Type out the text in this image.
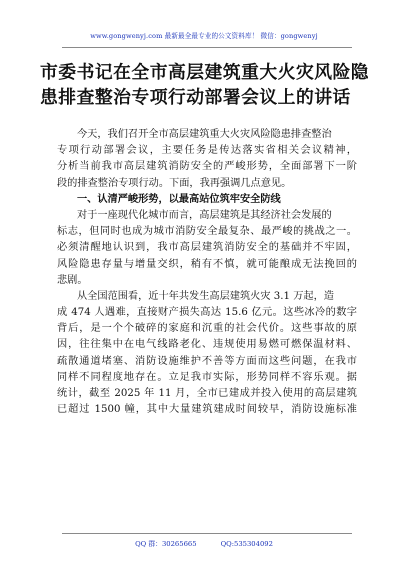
www.gongwenyj.com 最新最全最专业的公文资料库！ 微信：gongwenyj
市委书记在全市高层建筑重大火灾风险隐
患排查整治专项行动部署会议上的讲话
今天，我们召开全市高层建筑重大火灾风险隐患排查整治
专项行动部署会议，主要任务是传达落实省相关会议精神，
分析当前我市高层建筑消防安全的严峻形势，全面部署下一阶
段的排查整治专项行动。下面，我再强调几点意见。
一、认清严峻形势，以最高站位筑牢安全防线
对于一座现代化城市而言，高层建筑是其经济社会发展的
标志，但同时也成为城市消防安全最复杂、最严峻的挑战之一。
必须清醒地认识到，我市高层建筑消防安全的基础并不牢固，
风险隐患存量与增量交织，稍有不慎，就可能酿成无法挽回的
悲剧。
从全国范围看，近十年共发生高层建筑火灾 3.1 万起，造
成 474 人遇难，直接财产损失高达 15.6 亿元。这些冰冷的数字
背后，是一个个破碎的家庭和沉重的社会代价。这些事故的原
因，往往集中在电气线路老化、违规使用易燃可燃保温材料、
疏散通道堵塞、消防设施维护不善等方面而这些问题，在我市
同样不同程度地存在。立足我市实际，形势同样不容乐观。据
统计，截至 2025 年 11 月，全市已建成并投入使用的高层建筑
已超过 1500 幢，其中大量建筑建成时间较早，消防设施标准
QQ 群：30265665	QQ:535304092
